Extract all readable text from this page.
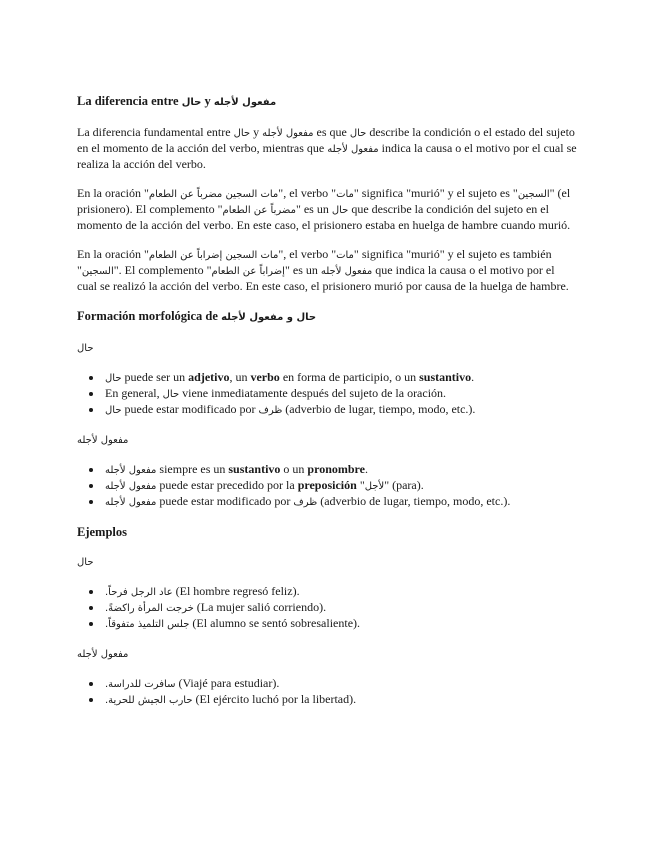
La diferencia entre حال y مفعول لأجله

La diferencia fundamental entre حال y مفعول لأجله es que حال describe la condición o el estado del sujeto en el momento de la acción del verbo, mientras que مفعول لأجله indica la causa o el motivo por el cual se realiza la acción del verbo.

En la oración "مات السجين مضرباً عن الطعام", el verbo "مات" significa "murió" y el sujeto es "السجين" (el prisionero). El complemento "مضرباً عن الطعام" es un حال que describe la condición del sujeto en el momento de la acción del verbo. En este caso, el prisionero estaba en huelga de hambre cuando murió.

En la oración "مات السجين إضراباً عن الطعام", el verbo "مات" significa "murió" y el sujeto es también "السجين". El complemento "إضراباً عن الطعام" es un مفعول لأجله que indica la causa o el motivo por el cual se realizó la acción del verbo. En este caso, el prisionero murió por causa de la huelga de hambre.

Formación morfológica de حال و مفعول لأجله
حال
حال puede ser un adjetivo, un verbo en forma de participio, o un sustantivo.
En general, حال viene inmediatamente después del sujeto de la oración.
حال puede estar modificado por ظرف (adverbio de lugar, tiempo, modo, etc.).
مفعول لأجله
مفعول لأجله siempre es un sustantivo o un pronombre.
مفعول لأجله puede estar precedido por la preposición "لأجل" (para).
مفعول لأجله puede estar modificado por ظرف (adverbio de lugar, tiempo, modo, etc.).
Ejemplos
حال
عاد الرجل فرحاً. (El hombre regresó feliz).
خرجت المرأة راكضةً. (La mujer salió corriendo).
جلس التلميذ متفوقاً. (El alumno se sentó sobresaliente).
مفعول لأجله
سافرت للدراسة. (Viajé para estudiar).
حارب الجيش للحرية. (El ejército luchó por la libertad).
